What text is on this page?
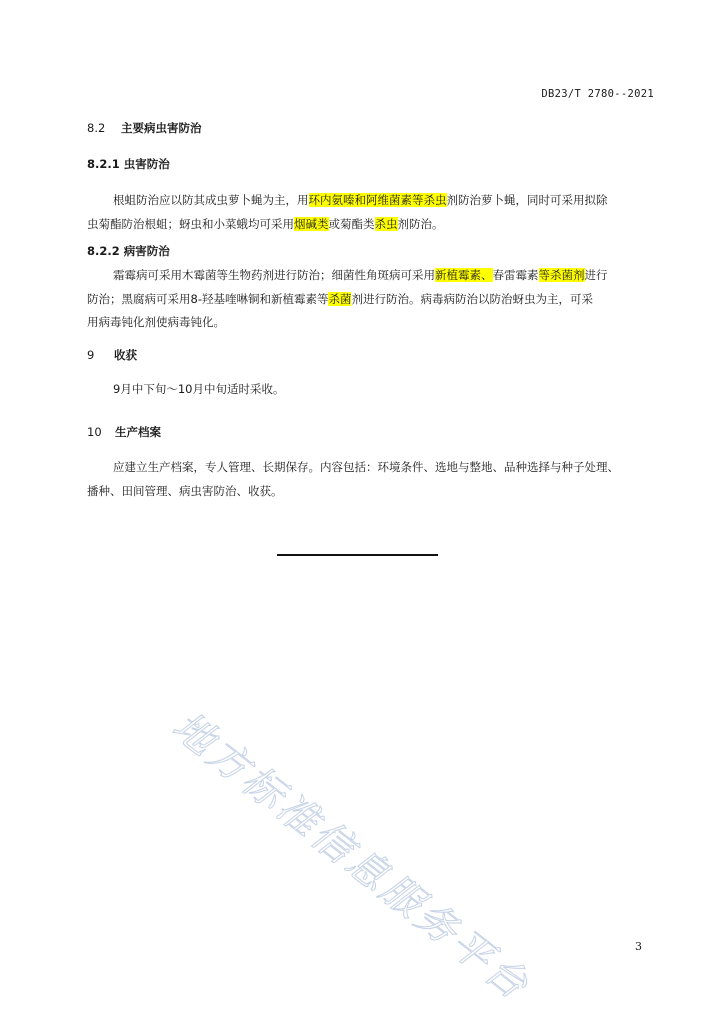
DB23/T 2780--2021
8.2 主要病虫害防治
8.2.1 虫害防治
根蛆防治应以防其成虫萝卜蝇为主，用环内氨嗪和阿维菌素等杀虫剂防治萝卜蝇，同时可采用拟除
虫菊酯防治根蛆；蚜虫和小菜蛾均可采用烟碱类或菊酯类杀虫剂防治。
8.2.2 病害防治
霜霉病可采用木霉菌等生物药剂进行防治；细菌性角斑病可采用新植霉素、春雷霉素等杀菌剂进行
防治；黑腐病可采用8-羟基喹啉铜和新植霉素等杀菌剂进行防治。病毒病防治以防治蚜虫为主，可采
用病毒钝化剂使病毒钝化。
9 收获
9月中下旬～10月中旬适时采收。
10 生产档案
应建立生产档案，专人管理、长期保存。内容包括：环境条件、选地与整地、品种选择与种子处理、
播种、田间管理、病虫害防治、收获。
地方标准信息服务平台	3
